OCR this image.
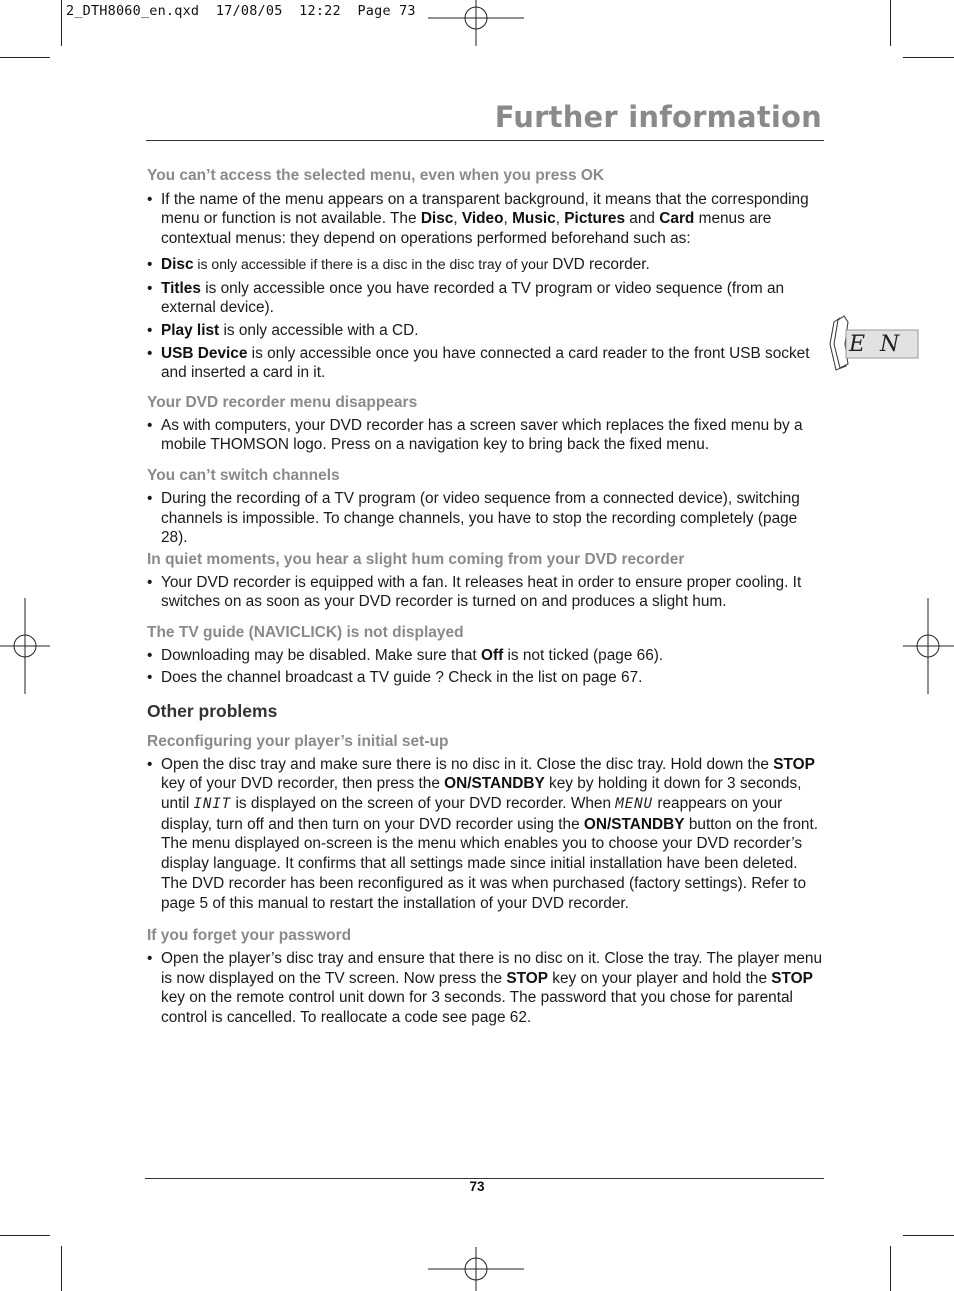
2_DTH8060_en.qxd  17/08/05  12:22  Page 73
Further information
E N

You can’t access the selected menu, even when you press OK

• If the name of the menu appears on a transparent background, it means that the corresponding menu or function is not available. The Disc, Video, Music, Pictures and Card menus are contextual menus: they depend on operations performed beforehand such as:
• Disc is only accessible if there is a disc in the disc tray of your DVD recorder.
• Titles is only accessible once you have recorded a TV program or video sequence (from an external device).
• Play list is only accessible with a CD.
• USB Device is only accessible once you have connected a card reader to the front USB socket and inserted a card in it.

Your DVD recorder menu disappears

• As with computers, your DVD recorder has a screen saver which replaces the fixed menu by a mobile THOMSON logo. Press on a navigation key to bring back the fixed menu.

You can’t switch channels

• During the recording of a TV program (or video sequence from a connected device), switching channels is impossible. To change channels, you have to stop the recording completely (page 28).

In quiet moments, you hear a slight hum coming from your DVD recorder

• Your DVD recorder is equipped with a fan. It releases heat in order to ensure proper cooling. It switches on as soon as your DVD recorder is turned on and produces a slight hum.

The TV guide (NAVICLICK) is not displayed

• Downloading may be disabled. Make sure that Off is not ticked (page 66).
• Does the channel broadcast a TV guide ? Check in the list on page 67.

Other problems

Reconfiguring your player’s initial set-up

• Open the disc tray and make sure there is no disc in it. Close the disc tray. Hold down the STOP key of your DVD recorder, then press the ON/STANDBY key by holding it down for 3 seconds, until INIT is displayed on the screen of your DVD recorder. When MENU reappears on your display, turn off and then turn on your DVD recorder using the ON/STANDBY button on the front. The menu displayed on-screen is the menu which enables you to choose your DVD recorder’s display language. It confirms that all settings made since initial installation have been deleted. The DVD recorder has been reconfigured as it was when purchased (factory settings). Refer to page 5 of this manual to restart the installation of your DVD recorder.

If you forget your password

• Open the player’s disc tray and ensure that there is no disc on it. Close the tray. The player menu is now displayed on the TV screen. Now press the STOP key on your player and hold the STOP key on the remote control unit down for 3 seconds. The password that you chose for parental control is cancelled. To reallocate a code see page 62.
73
